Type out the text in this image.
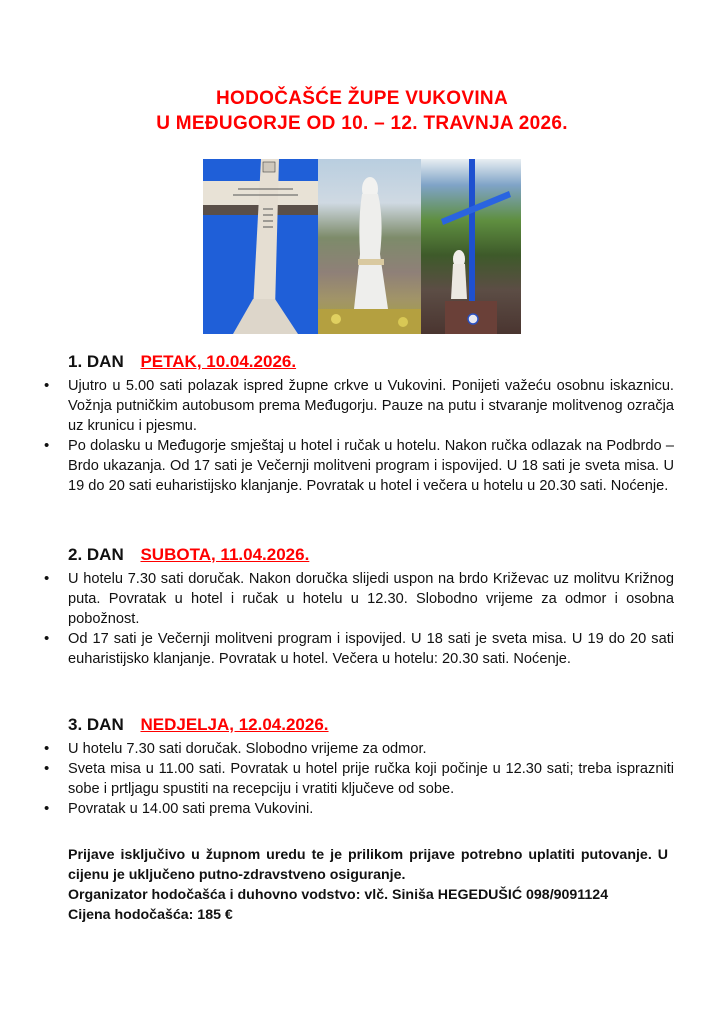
HODOČAŠĆE ŽUPE VUKOVINA
U MEĐUGORJE OD 10. – 12. TRAVNJA 2026.
1. DAN PETAK, 10.04.2026.
• Ujutro u 5.00 sati polazak ispred župne crkve u Vukovini. Ponijeti važeću osobnu iskaznicu. Vožnja putničkim autobusom prema Međugorju. Pauze na putu i stvaranje molitvenog ozračja uz krunicu i pjesmu.
• Po dolasku u Međugorje smještaj u hotel i ručak u hotelu. Nakon ručka odlazak na Podbrdo – Brdo ukazanja. Od 17 sati je Večernji molitveni program i ispovijed. U 18 sati je sveta misa. U 19 do 20 sati euharistijsko klanjanje. Povratak u hotel i večera u hotelu u 20.30 sati. Noćenje.
2. DAN SUBOTA, 11.04.2026.
• U hotelu 7.30 sati doručak. Nakon doručka slijedi uspon na brdo Križevac uz molitvu Križnog puta. Povratak u hotel i ručak u hotelu u 12.30. Slobodno vrijeme za odmor i osobna pobožnost.
• Od 17 sati je Večernji molitveni program i ispovijed. U 18 sati je sveta misa. U 19 do 20 sati euharistijsko klanjanje. Povratak u hotel. Večera u hotelu: 20.30 sati. Noćenje.
3. DAN NEDJELJA, 12.04.2026.
• U hotelu 7.30 sati doručak. Slobodno vrijeme za odmor.
• Sveta misa u 11.00 sati. Povratak u hotel prije ručka koji počinje u 12.30 sati; treba isprazniti sobe i prtljagu spustiti na recepciju i vratiti ključeve od sobe.
• Povratak u 14.00 sati prema Vukovini.

Prijave isključivo u župnom uredu te je prilikom prijave potrebno uplatiti putovanje. U cijenu je uključeno putno-zdravstveno osiguranje.

Organizator hodočašća i duhovno vodstvo: vlč. Siniša HEGEDUŠIĆ 098/9091124

Cijena hodočašća: 185 €
